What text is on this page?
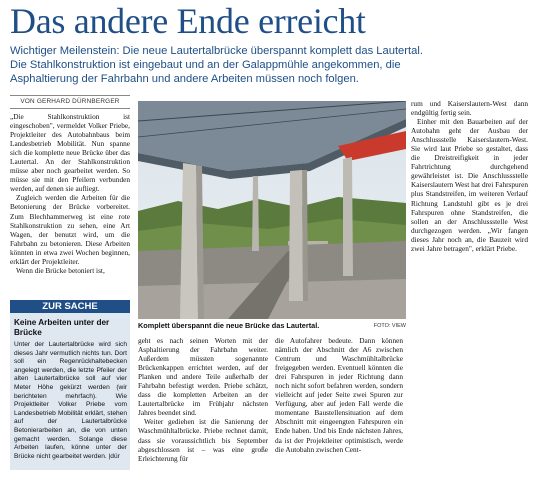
Das andere Ende erreicht
Wichtiger Meilenstein: Die neue Lautertalbrücke überspannt komplett das Lautertal.
Die Stahlkonstruktion ist eingebaut und an der Galappmühle angekommen, die
Asphaltierung der Fahrbahn und andere Arbeiten müssen noch folgen.
VON GERHARD DÜRNBERGER

„Die Stahlkonstruktion ist eingeschoben", vermeldet Volker Priebe, Projektleiter des Autobahnbaus beim Landesbetrieb Mobilität. Nun spanne sich die komplette neue Brücke über das Lautertal. An der Stahlkonstruktion müsse aber noch gearbeitet werden. So müsse sie mit den Pfeilern verbunden werden, auf denen sie aufliegt.

Zugleich werden die Arbeiten für die Betonierung der Brücke vorbereitet. Zum Blechhammerweg ist eine rote Stahlkonstruktion zu sehen, eine Art Wagen, der benutzt wird, um die Fahrbahn zu betonieren. Diese Arbeiten könnten in etwa zwei Wochen beginnen, erklärt der Projektleiter.

Wenn die Brücke betoniert ist,

ZUR SACHE
Keine Arbeiten unter der Brücke
Unter der Lautertalbrücke wird sich dieses Jahr vermutlich nichts tun. Dort soll ein Regenrückhaltebecken angelegt werden, die letzte Pfeiler der alten Lautertalbrücke soll auf vier Meter Höhe gekürzt werden (wir berichteten mehrfach). Wie Projektleiter Volker Priebe vom Landesbetrieb Mobilität erklärt, stehen auf der Lautertalbrücke Betonierarbeiten an, die von unten gemacht werden. Solange diese Arbeiten laufen, könne unter der Brücke nicht gearbeitet werden. |dür
Komplett überspannt die neue Brücke das Lautertal.	FOTO: VIEW

geht es nach seinen Worten mit der Asphaltierung der Fahrbahn weiter. Außerdem müssten sogenannte Brückenkappen errichtet werden, auf der Planken und andere Teile außerhalb der Fahrbahn befestigt werden. Priebe schätzt, dass die kompletten Arbeiten an der Lautertalbrücke im Frühjahr nächsten Jahres beendet sind.

Weiter gediehen ist die Sanierung der Waschmühltalbrücke. Priebe rechnet damit, dass sie voraussichtlich bis September abgeschlossen ist – was eine große Erleichterung für

die Autofahrer bedeute. Dann können nämlich der Abschnitt der A6 zwischen Centrum und Waschmühltalbrücke freigegeben werden. Eventuell könnten die drei Fahrspuren in jeder Richtung dann noch nicht sofort befahren werden, sondern vielleicht auf jeder Seite zwei Spuren zur Verfügung, aber auf jeden Fall werde die momentane Baustellensituation auf dem Abschnitt mit eingeengten Fahrspuren ein Ende haben. Und bis Ende nächsten Jahres, da ist der Projektleiter optimistisch, werde die Autobahn zwischen Cent-

rum und Kaiserslautern-West dann endgültig fertig sein.

Einher mit den Bauarbeiten auf der Autobahn geht der Ausbau der Anschlussstelle Kaiserslautern-West. Sie wird laut Priebe so gestaltet, dass die Dreistreifigkeit in jeder Fahrtrichtung durchgehend gewährleistet ist. Die Anschlussstelle Kaiserslautern West hat drei Fahrspuren plus Standstreifen, im weiteren Verlauf Richtung Landstuhl gibt es je drei Fahrspuren ohne Standstreifen, die sollen an der Anschlussstelle West durchgezogen werden. „Wir fangen dieses Jahr noch an, die Bauzeit wird zwei Jahre betragen", erklärt Priebe.
